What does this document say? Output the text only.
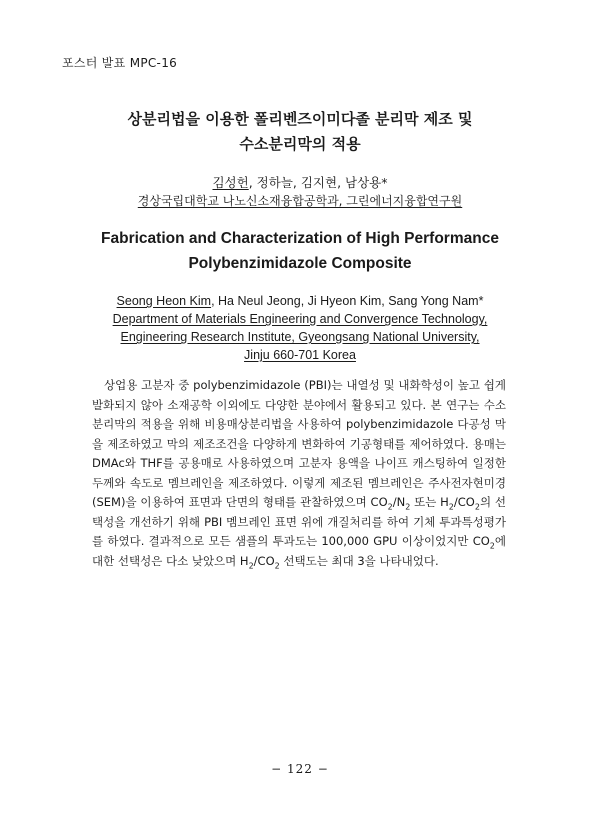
포스터 발표 MPC-16
상분리법을 이용한 폴리벤즈이미다졸 분리막 제조 및
수소분리막의 적용
김성헌, 정하늘, 김지현, 남상용*
경상국립대학교 나노신소재융합공학과, 그린에너지융합연구원
Fabrication and Characterization of High Performance
Polybenzimidazole Composite
Seong Heon Kim, Ha Neul Jeong, Ji Hyeon Kim, Sang Yong Nam*
Department of Materials Engineering and Convergence Technology,
Engineering Research Institute, Gyeongsang National University,
Jinju 660-701 Korea
상업용 고분자 중 polybenzimidazole (PBI)는 내열성 및 내화학성이 높고 쉽게 발화되지 않아 소재공학 이외에도 다양한 분야에서 활용되고 있다. 본 연구는 수소 분리막의 적용을 위해 비용매상분리법을 사용하여 polybenzimidazole 다공성 막을 제조하였고 막의 제조조건을 다양하게 변화하여 기공형태를 제어하였다. 용매는 DMAc와 THF를 공용매로 사용하였으며 고분자 용액을 나이프 캐스팅하여 일정한 두께와 속도로 멤브레인을 제조하였다. 이렇게 제조된 멤브레인은 주사전자현미경(SEM)을 이용하여 표면과 단면의 형태를 관찰하였으며 $CO_2/N_2$ 또는 $H_2/CO_2$의 선택성을 개선하기 위해 PBI 멤브레인 표면 위에 개질처리를 하여 기체 투과특성평가를 하였다. 결과적으로 모든 샘플의 투과도는 100,000 GPU 이상이었지만 $CO_2$에 대한 선택성은 다소 낮았으며 $H_2/CO_2$ 선택도는 최대 3을 나타내었다.
− 122 −
